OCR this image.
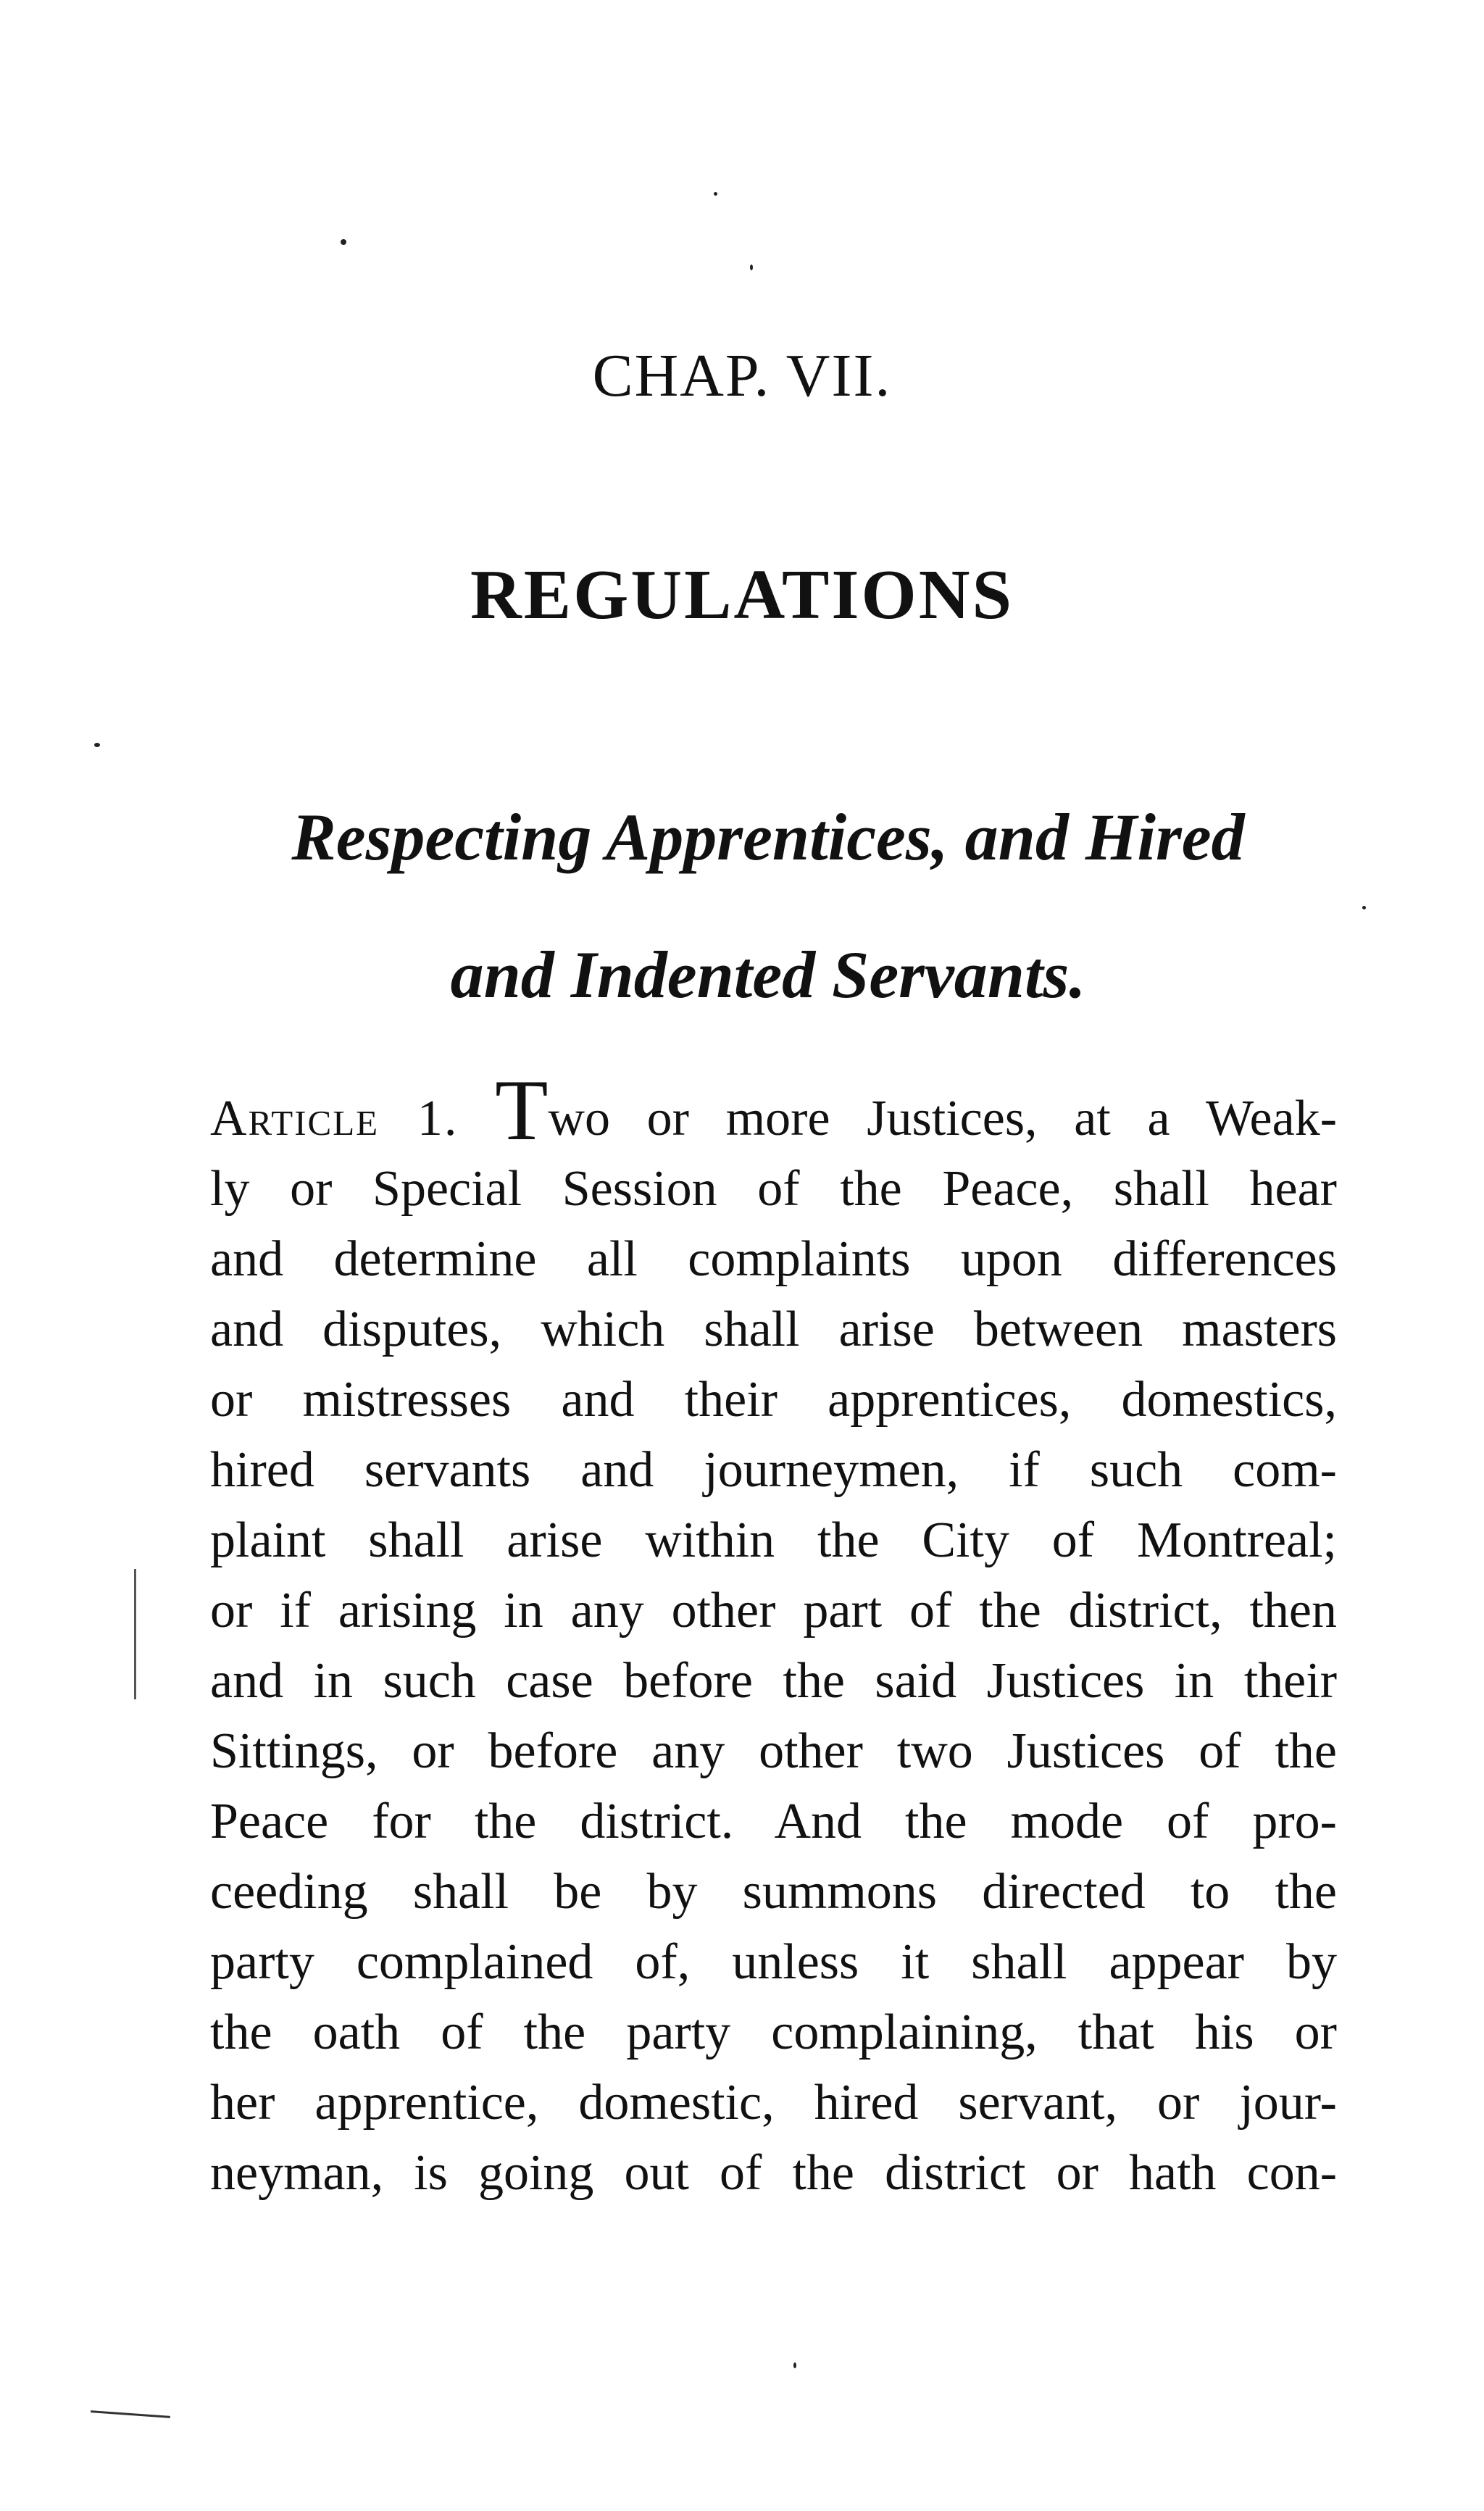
CHAP. VII.
REGULATIONS
Respecting Apprentices, and Hired
and Indented Servants.
Article 1. Two or more Justices, at a Weak-
ly or Special Session of the Peace, shall hear
and determine all complaints upon differences
and disputes, which shall arise between masters
or mistresses and their apprentices, domestics,
hired servants and journeymen, if such com-
plaint shall arise within the City of Montreal;
or if arising in any other part of the district, then
and in such case before the said Justices in their
Sittings, or before any other two Justices of the
Peace for the district. And the mode of pro-
ceeding shall be by summons directed to the
party complained of, unless it shall appear by
the oath of the party complaining, that his or
her apprentice, domestic, hired servant, or jour-
neyman, is going out of the district or hath con-
